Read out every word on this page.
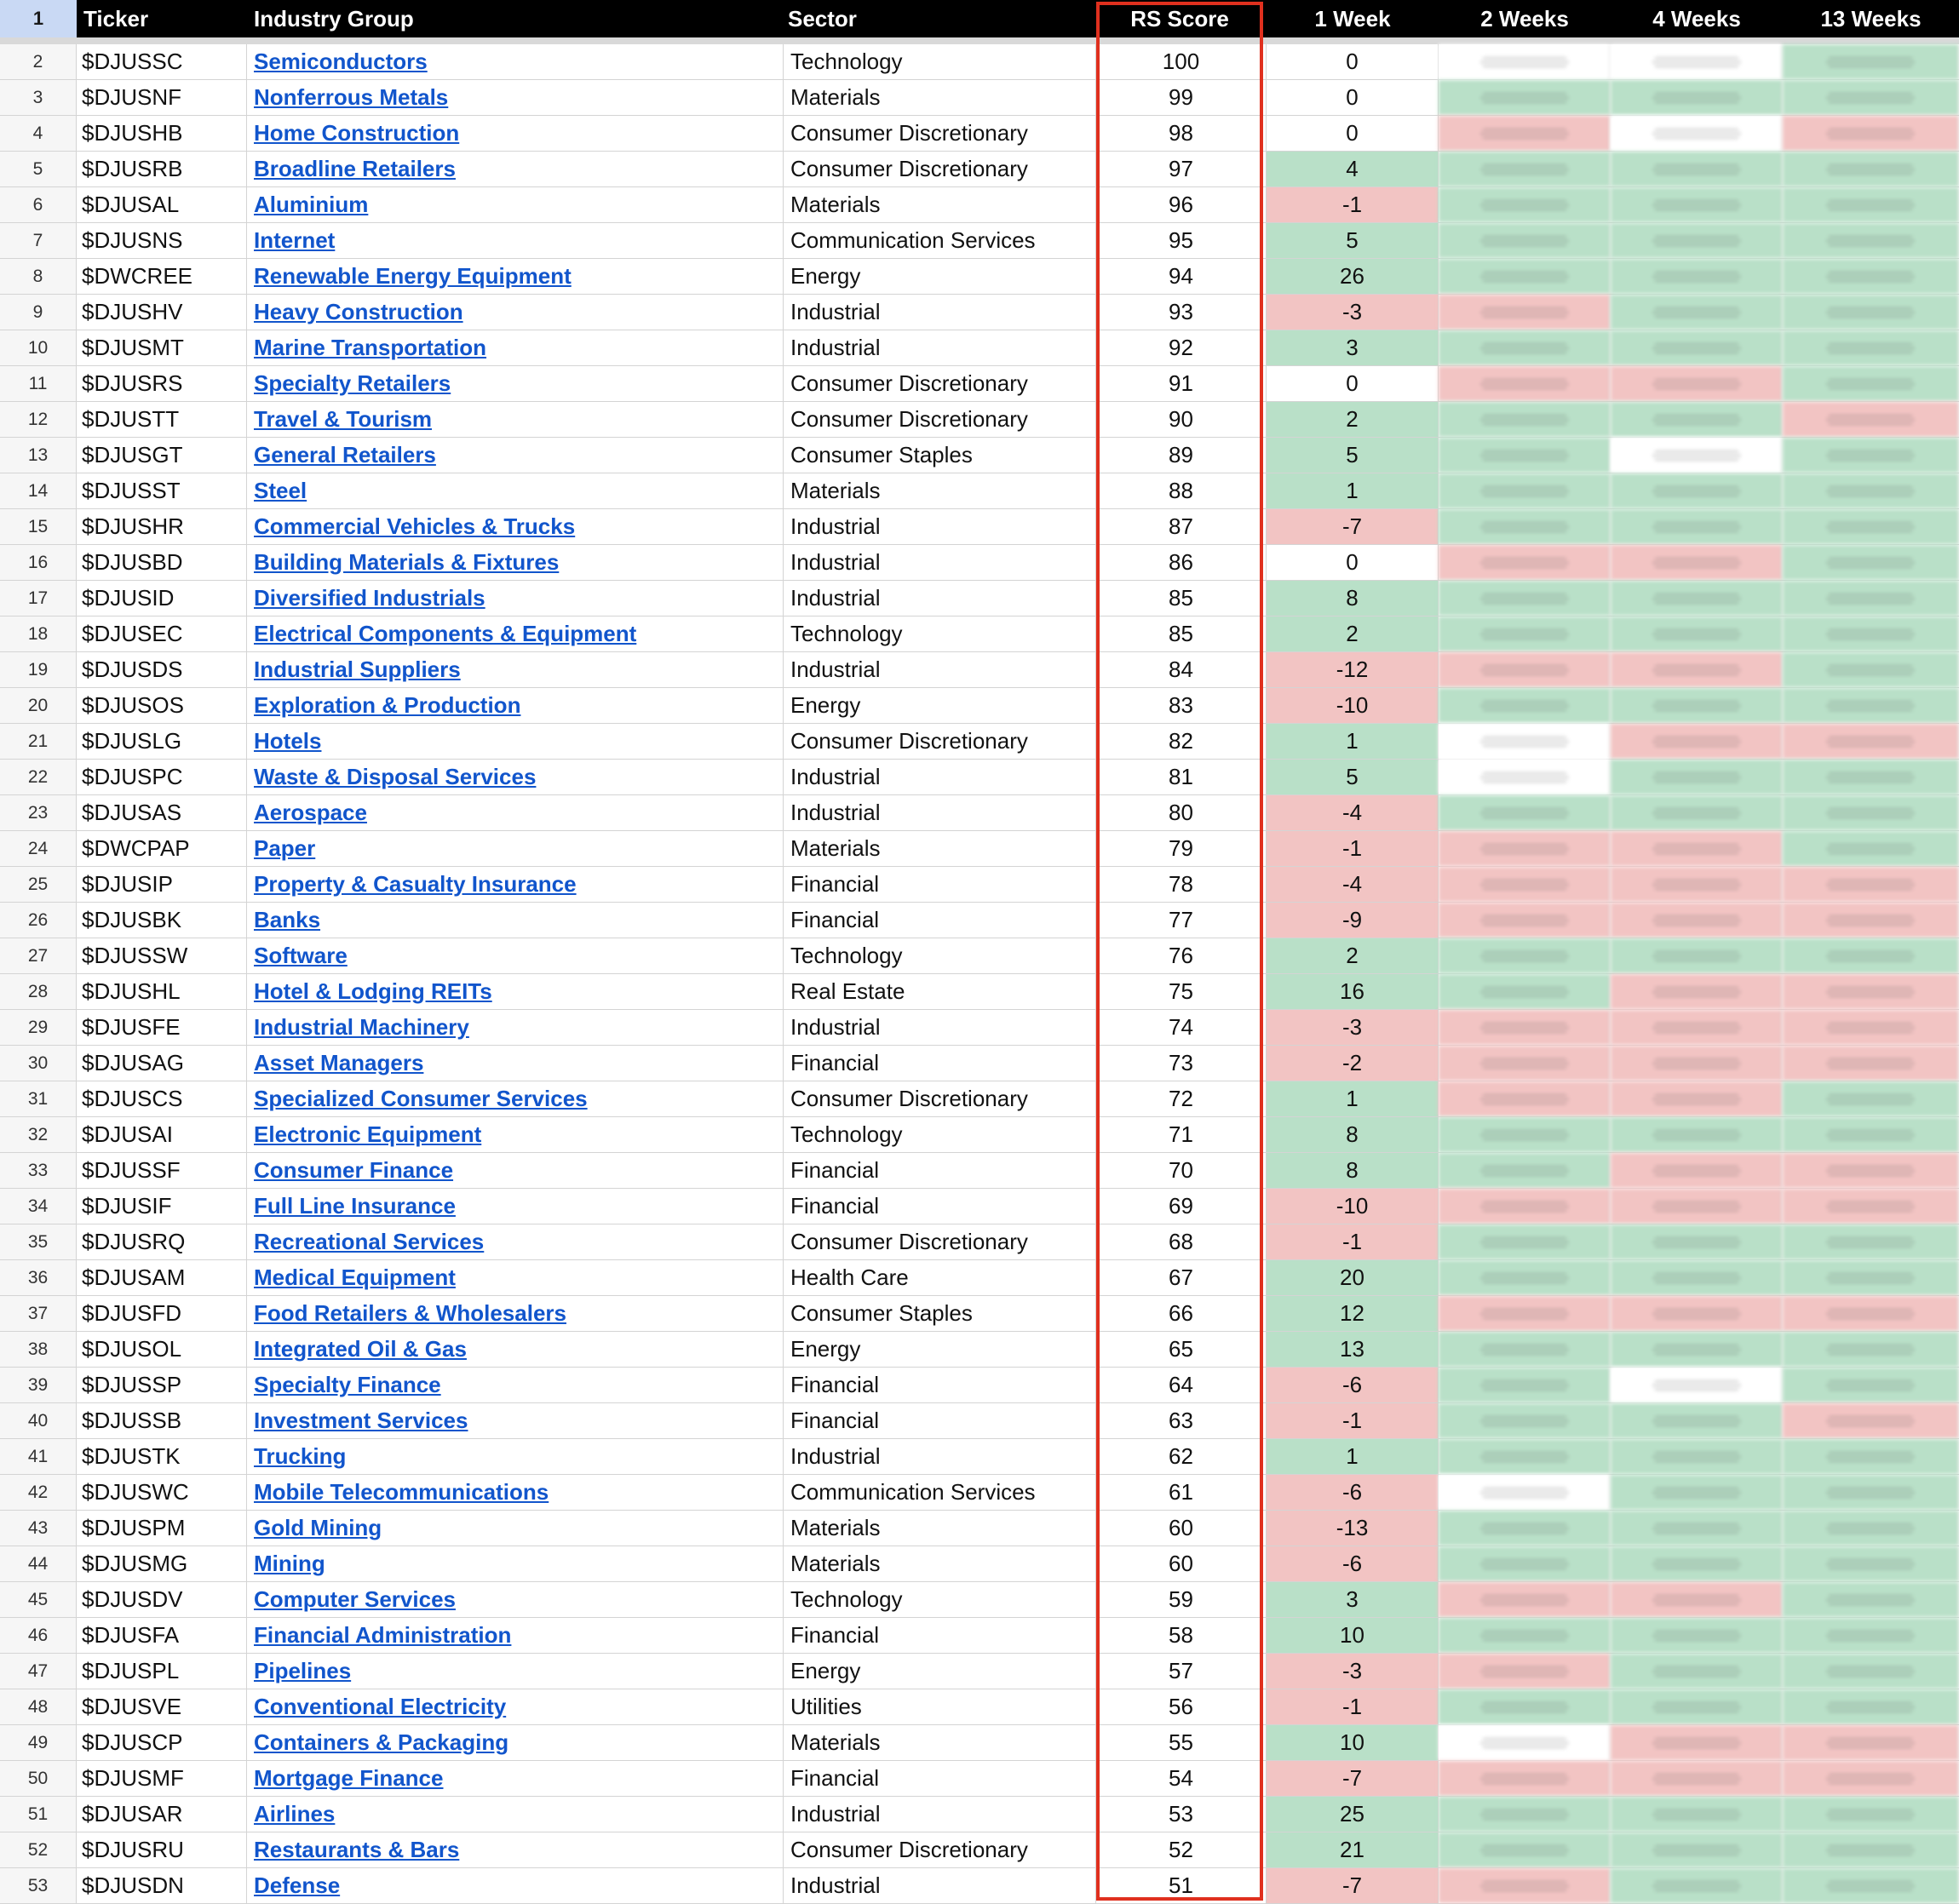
1	Ticker	Industry Group	Sector	RS Score	1 Week	2 Weeks	4 Weeks	13 Weeks
2	$DJUSSC	Semiconductors	Technology	100	0
3	$DJUSNF	Nonferrous Metals	Materials	99	0
4	$DJUSHB	Home Construction	Consumer Discretionary	98	0
5	$DJUSRB	Broadline Retailers	Consumer Discretionary	97	4
6	$DJUSAL	Aluminium	Materials	96	-1
7	$DJUSNS	Internet	Communication Services	95	5
8	$DWCREE	Renewable Energy Equipment	Energy	94	26
9	$DJUSHV	Heavy Construction	Industrial	93	-3
10	$DJUSMT	Marine Transportation	Industrial	92	3
11	$DJUSRS	Specialty Retailers	Consumer Discretionary	91	0
12	$DJUSTT	Travel & Tourism	Consumer Discretionary	90	2
13	$DJUSGT	General Retailers	Consumer Staples	89	5
14	$DJUSST	Steel	Materials	88	1
15	$DJUSHR	Commercial Vehicles & Trucks	Industrial	87	-7
16	$DJUSBD	Building Materials & Fixtures	Industrial	86	0
17	$DJUSID	Diversified Industrials	Industrial	85	8
18	$DJUSEC	Electrical Components & Equipment	Technology	85	2
19	$DJUSDS	Industrial Suppliers	Industrial	84	-12
20	$DJUSOS	Exploration & Production	Energy	83	-10
21	$DJUSLG	Hotels	Consumer Discretionary	82	1
22	$DJUSPC	Waste & Disposal Services	Industrial	81	5
23	$DJUSAS	Aerospace	Industrial	80	-4
24	$DWCPAP	Paper	Materials	79	-1
25	$DJUSIP	Property & Casualty Insurance	Financial	78	-4
26	$DJUSBK	Banks	Financial	77	-9
27	$DJUSSW	Software	Technology	76	2
28	$DJUSHL	Hotel & Lodging REITs	Real Estate	75	16
29	$DJUSFE	Industrial Machinery	Industrial	74	-3
30	$DJUSAG	Asset Managers	Financial	73	-2
31	$DJUSCS	Specialized Consumer Services	Consumer Discretionary	72	1
32	$DJUSAI	Electronic Equipment	Technology	71	8
33	$DJUSSF	Consumer Finance	Financial	70	8
34	$DJUSIF	Full Line Insurance	Financial	69	-10
35	$DJUSRQ	Recreational Services	Consumer Discretionary	68	-1
36	$DJUSAM	Medical Equipment	Health Care	67	20
37	$DJUSFD	Food Retailers & Wholesalers	Consumer Staples	66	12
38	$DJUSOL	Integrated Oil & Gas	Energy	65	13
39	$DJUSSP	Specialty Finance	Financial	64	-6
40	$DJUSSB	Investment Services	Financial	63	-1
41	$DJUSTK	Trucking	Industrial	62	1
42	$DJUSWC	Mobile Telecommunications	Communication Services	61	-6
43	$DJUSPM	Gold Mining	Materials	60	-13
44	$DJUSMG	Mining	Materials	60	-6
45	$DJUSDV	Computer Services	Technology	59	3
46	$DJUSFA	Financial Administration	Financial	58	10
47	$DJUSPL	Pipelines	Energy	57	-3
48	$DJUSVE	Conventional Electricity	Utilities	56	-1
49	$DJUSCP	Containers & Packaging	Materials	55	10
50	$DJUSMF	Mortgage Finance	Financial	54	-7
51	$DJUSAR	Airlines	Industrial	53	25
52	$DJUSRU	Restaurants & Bars	Consumer Discretionary	52	21
53	$DJUSDN	Defense	Industrial	51	-7
